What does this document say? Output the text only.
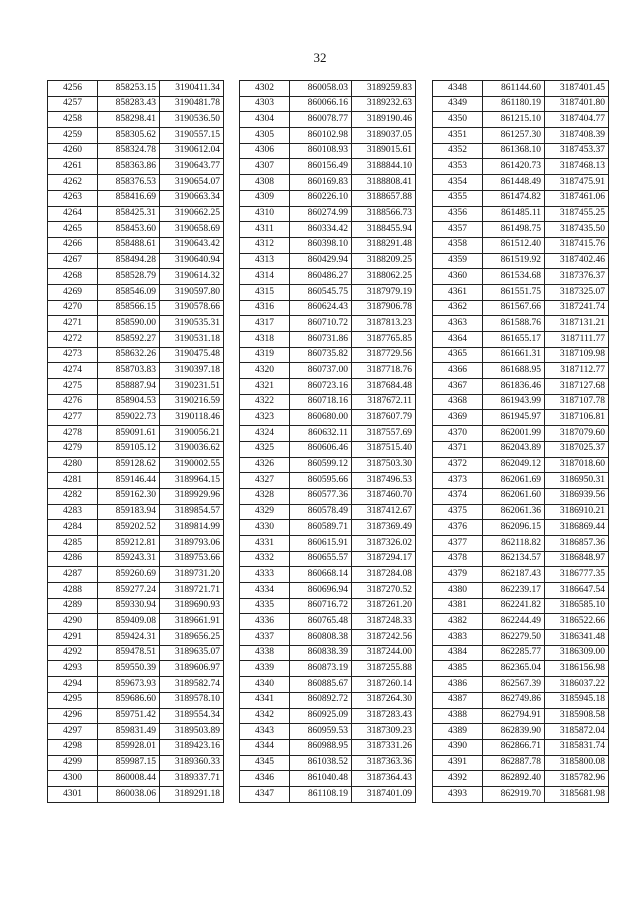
32
4256	858253.15	3190411.34
4257	858283.43	3190481.78
4258	858298.41	3190536.50
4259	858305.62	3190557.15
4260	858324.78	3190612.04
4261	858363.86	3190643.77
4262	858376.53	3190654.07
4263	858416.69	3190663.34
4264	858425.31	3190662.25
4265	858453.60	3190658.69
4266	858488.61	3190643.42
4267	858494.28	3190640.94
4268	858528.79	3190614.32
4269	858546.09	3190597.80
4270	858566.15	3190578.66
4271	858590.00	3190535.31
4272	858592.27	3190531.18
4273	858632.26	3190475.48
4274	858703.83	3190397.18
4275	858887.94	3190231.51
4276	858904.53	3190216.59
4277	859022.73	3190118.46
4278	859091.61	3190056.21
4279	859105.12	3190036.62
4280	859128.62	3190002.55
4281	859146.44	3189964.15
4282	859162.30	3189929.96
4283	859183.94	3189854.57
4284	859202.52	3189814.99
4285	859212.81	3189793.06
4286	859243.31	3189753.66
4287	859260.69	3189731.20
4288	859277.24	3189721.71
4289	859330.94	3189690.93
4290	859409.08	3189661.91
4291	859424.31	3189656.25
4292	859478.51	3189635.07
4293	859550.39	3189606.97
4294	859673.93	3189582.74
4295	859686.60	3189578.10
4296	859751.42	3189554.34
4297	859831.49	3189503.89
4298	859928.01	3189423.16
4299	859987.15	3189360.33
4300	860008.44	3189337.71
4301	860038.06	3189291.18
4302	860058.03	3189259.83
4303	860066.16	3189232.63
4304	860078.77	3189190.46
4305	860102.98	3189037.05
4306	860108.93	3189015.61
4307	860156.49	3188844.10
4308	860169.83	3188808.41
4309	860226.10	3188657.88
4310	860274.99	3188566.73
4311	860334.42	3188455.94
4312	860398.10	3188291.48
4313	860429.94	3188209.25
4314	860486.27	3188062.25
4315	860545.75	3187979.19
4316	860624.43	3187906.78
4317	860710.72	3187813.23
4318	860731.86	3187765.85
4319	860735.82	3187729.56
4320	860737.00	3187718.76
4321	860723.16	3187684.48
4322	860718.16	3187672.11
4323	860680.00	3187607.79
4324	860632.11	3187557.69
4325	860606.46	3187515.40
4326	860599.12	3187503.30
4327	860595.66	3187496.53
4328	860577.36	3187460.70
4329	860578.49	3187412.67
4330	860589.71	3187369.49
4331	860615.91	3187326.02
4332	860655.57	3187294.17
4333	860668.14	3187284.08
4334	860696.94	3187270.52
4335	860716.72	3187261.20
4336	860765.48	3187248.33
4337	860808.38	3187242.56
4338	860838.39	3187244.00
4339	860873.19	3187255.88
4340	860885.67	3187260.14
4341	860892.72	3187264.30
4342	860925.09	3187283.43
4343	860959.53	3187309.23
4344	860988.95	3187331.26
4345	861038.52	3187363.36
4346	861040.48	3187364.43
4347	861108.19	3187401.09
4348	861144.60	3187401.45
4349	861180.19	3187401.80
4350	861215.10	3187404.77
4351	861257.30	3187408.39
4352	861368.10	3187453.37
4353	861420.73	3187468.13
4354	861448.49	3187475.91
4355	861474.82	3187461.06
4356	861485.11	3187455.25
4357	861498.75	3187435.50
4358	861512.40	3187415.76
4359	861519.92	3187402.46
4360	861534.68	3187376.37
4361	861551.75	3187325.07
4362	861567.66	3187241.74
4363	861588.76	3187131.21
4364	861655.17	3187111.77
4365	861661.31	3187109.98
4366	861688.95	3187112.77
4367	861836.46	3187127.68
4368	861943.99	3187107.78
4369	861945.97	3187106.81
4370	862001.99	3187079.60
4371	862043.89	3187025.37
4372	862049.12	3187018.60
4373	862061.69	3186950.31
4374	862061.60	3186939.56
4375	862061.36	3186910.21
4376	862096.15	3186869.44
4377	862118.82	3186857.36
4378	862134.57	3186848.97
4379	862187.43	3186777.35
4380	862239.17	3186647.54
4381	862241.82	3186585.10
4382	862244.49	3186522.66
4383	862279.50	3186341.48
4384	862285.77	3186309.00
4385	862365.04	3186156.98
4386	862567.39	3186037.22
4387	862749.86	3185945.18
4388	862794.91	3185908.58
4389	862839.90	3185872.04
4390	862866.71	3185831.74
4391	862887.78	3185800.08
4392	862892.40	3185782.96
4393	862919.70	3185681.98
